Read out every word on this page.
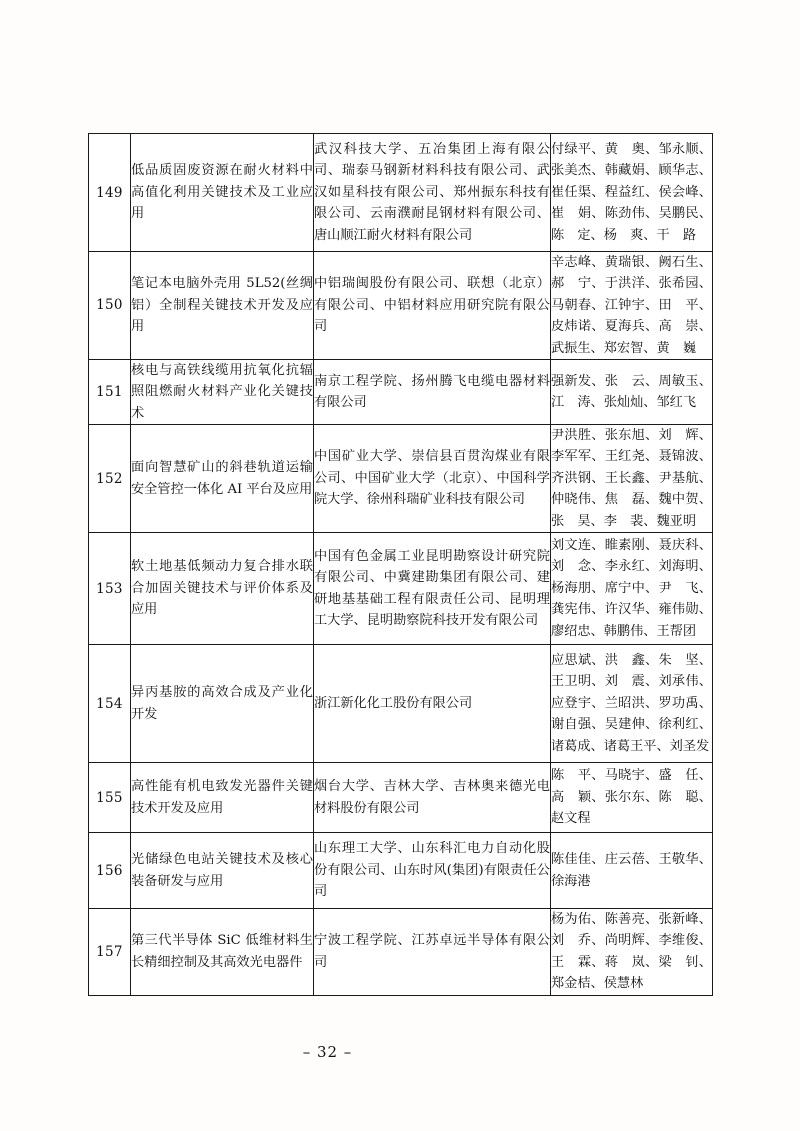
149	低品质固废资源在耐火材料中高值化利用关键技术及工业应用	武汉科技大学、五冶集团上海有限公司、瑞泰马钢新材料科技有限公司、武汉如星科技有限公司、郑州振东科技有限公司、云南濮耐昆钢材料有限公司、唐山顺江耐火材料有限公司	付绿平、黄　奥、邹永顺、张美杰、韩藏娟、顾华志、崔任渠、程益红、侯会峰、崔　娟、陈劲伟、吴鹏民、陈　定、杨　爽、干　路
150	笔记本电脑外壳用 5L52(丝绸铝）全制程关键技术开发及应用	中铝瑞闽股份有限公司、联想（北京）有限公司、中铝材料应用研究院有限公司	辛志峰、黄瑞银、阙石生、郝　宁、于洪洋、张希园、马朝春、江钟宇、田　平、皮炜诺、夏海兵、高　崇、武振生、郑宏智、黄　巍
151	核电与高铁线缆用抗氧化抗辐照阻燃耐火材料产业化关键技术	南京工程学院、扬州腾飞电缆电器材料有限公司	强新发、张　云、周敏玉、江　涛、张灿灿、邹红飞
152	面向智慧矿山的斜巷轨道运输安全管控一体化 AI 平台及应用	中国矿业大学、崇信县百贯沟煤业有限公司、中国矿业大学（北京）、中国科学院大学、徐州科瑞矿业科技有限公司	尹洪胜、张东旭、刘　辉、李军军、王红尧、聂锦波、齐洪钢、王长鑫、尹基航、仲晓伟、焦　磊、魏中贺、张　昊、李　裴、魏亚明
153	软土地基低频动力复合排水联合加固关键技术与评价体系及应用	中国有色金属工业昆明勘察设计研究院有限公司、中冀建勘集团有限公司、建研地基基础工程有限责任公司、昆明理工大学、昆明勘察院科技开发有限公司	刘文连、睢素刚、聂庆科、刘　念、李永红、刘海明、杨海朋、席宁中、尹　飞、龚宪伟、许汉华、雍伟勋、廖绍忠、韩鹏伟、王帮团
154	异丙基胺的高效合成及产业化开发	浙江新化化工股份有限公司	应思斌、洪　鑫、朱　坚、王卫明、刘　震、刘承伟、应登宇、兰昭洪、罗功禹、谢自强、吴建伸、徐利红、诸葛成、诸葛王平、刘圣发
155	高性能有机电致发光器件关键技术开发及应用	烟台大学、吉林大学、吉林奥来德光电材料股份有限公司	陈　平、马晓宇、盛　任、高　颖、张尔东、陈　聪、赵文程
156	光储绿色电站关键技术及核心装备研发与应用	山东理工大学、山东科汇电力自动化股份有限公司、山东时风(集团)有限责任公司	陈佳佳、庄云蓓、王敬华、徐海港
157	第三代半导体 SiC 低维材料生长精细控制及其高效光电器件	宁波工程学院、江苏卓远半导体有限公司	杨为佑、陈善亮、张新峰、刘　乔、尚明辉、李维俊、王　霖、蒋　岚、梁　钊、郑金桔、侯慧林
– 32 –
